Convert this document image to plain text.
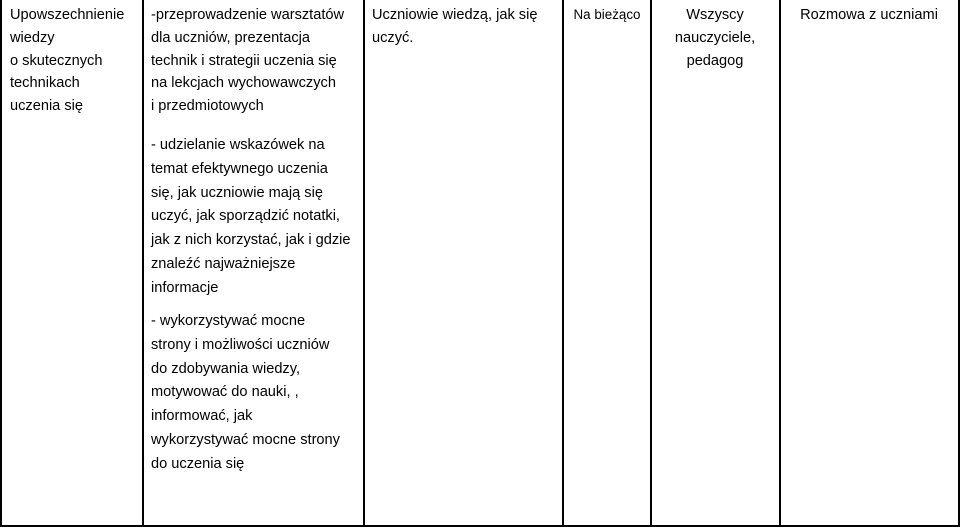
Upowszechnienie
wiedzy
o skutecznych
technikach
uczenia się
-przeprowadzenie warsztatów
dla uczniów, prezentacja
technik i strategii uczenia się
na lekcjach wychowawczych
i przedmiotowych
- udzielanie wskazówek na
temat efektywnego uczenia
się, jak uczniowie mają się
uczyć, jak sporządzić notatki,
jak z nich korzystać, jak i gdzie
znaleźć najważniejsze
informacje
- wykorzystywać mocne
strony i możliwości uczniów
do zdobywania wiedzy,
motywować do nauki, ,
informować, jak
wykorzystywać mocne strony
do uczenia się
Uczniowie wiedzą, jak się
uczyć.
Na bieżąco	Wszyscy
nauczyciele,
pedagog
Rozmowa z uczniami
